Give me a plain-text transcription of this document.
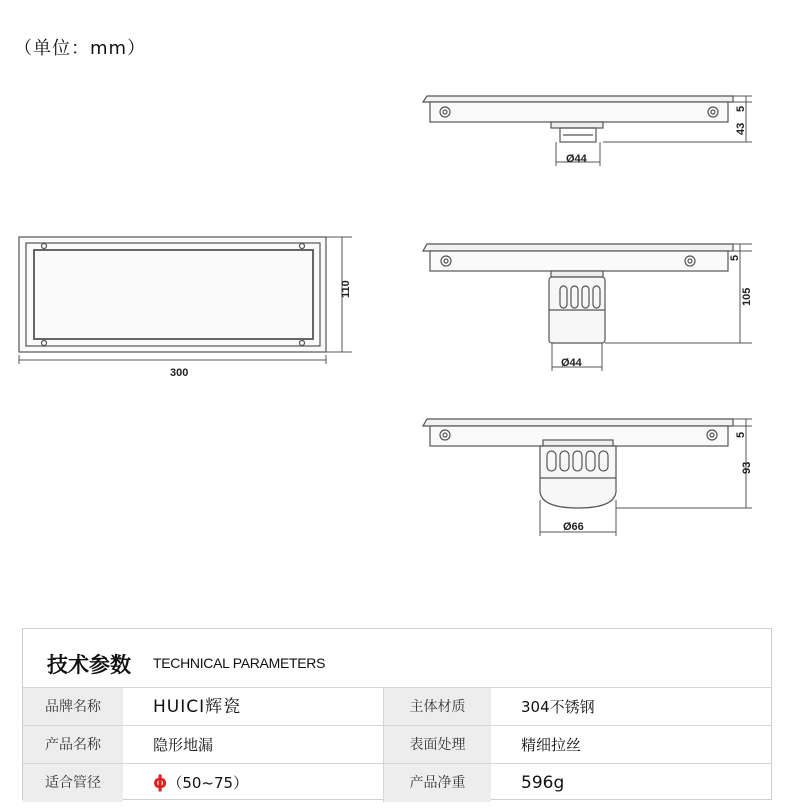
（单位：mm）
300
110
5
43
Ø44
5
105
Ø44
5
93
Ø66
技术参数 TECHNICAL PARAMETERS
品牌名称	HUICI辉瓷	主体材质	304不锈钢
产品名称	隐形地漏	表面处理	精细拉丝
适合管径	ϕ（50~75）	产品净重	596g
